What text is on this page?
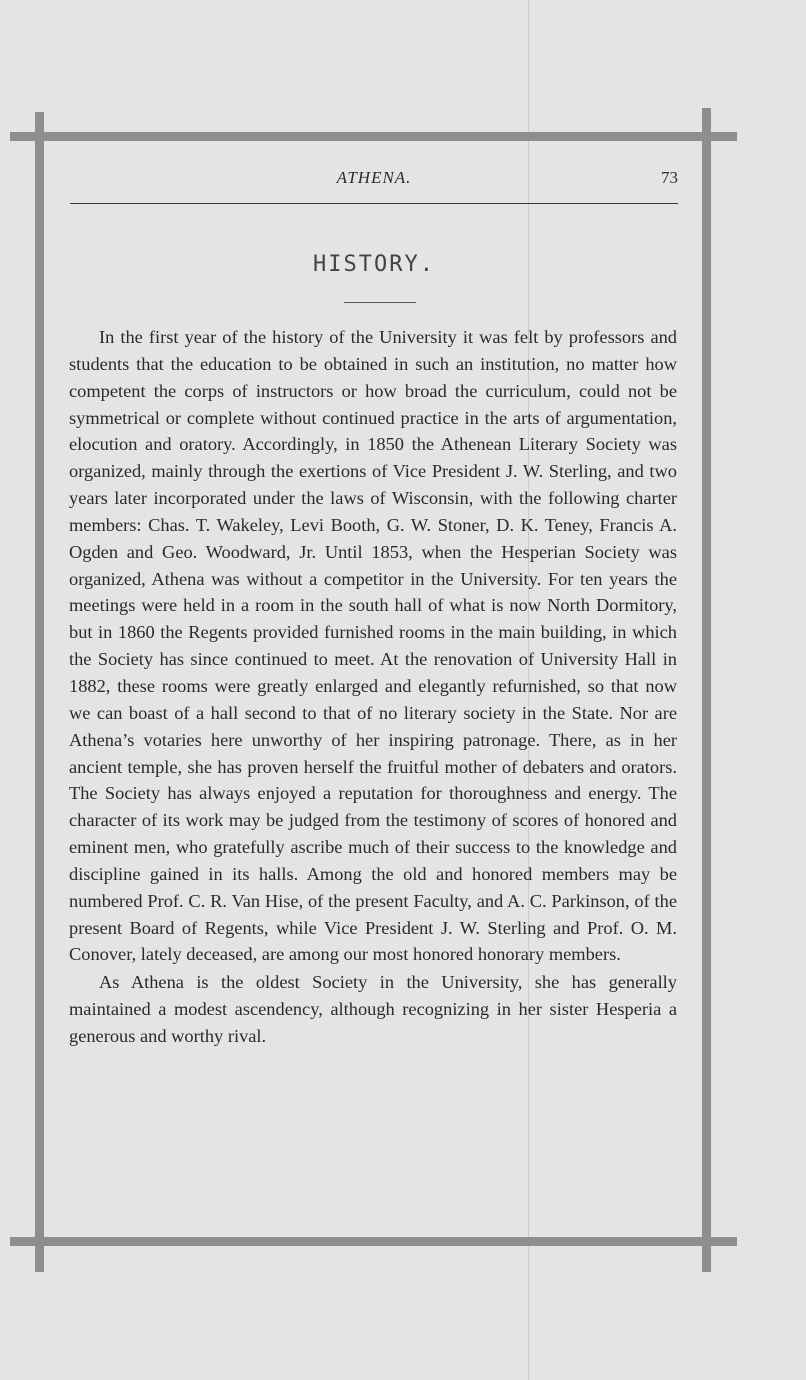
ATHENA.	73
HISTORY.

In the first year of the history of the University it was felt by professors and students that the education to be obtained in such an institution, no matter how competent the corps of instructors or how broad the curriculum, could not be symmetrical or complete without continued practice in the arts of argumentation, elocution and oratory. Accordingly, in 1850 the Athenean Literary Society was organized, mainly through the exertions of Vice President J. W. Sterling, and two years later incorporated under the laws of Wisconsin, with the following charter members: Chas. T. Wakeley, Levi Booth, G. W. Stoner, D. K. Teney, Francis A. Ogden and Geo. Woodward, Jr. Until 1853, when the Hesperian Society was organized, Athena was without a competitor in the University. For ten years the meetings were held in a room in the south hall of what is now North Dormitory, but in 1860 the Regents provided furnished rooms in the main building, in which the Society has since continued to meet. At the renovation of University Hall in 1882, these rooms were greatly enlarged and elegantly refurnished, so that now we can boast of a hall second to that of no literary society in the State. Nor are Athena’s votaries here unworthy of her inspiring patronage. There, as in her ancient temple, she has proven herself the fruitful mother of debaters and orators. The Society has always enjoyed a reputation for thoroughness and energy. The character of its work may be judged from the testimony of scores of honored and eminent men, who gratefully ascribe much of their success to the knowledge and discipline gained in its halls. Among the old and honored members may be numbered Prof. C. R. Van Hise, of the present Faculty, and A. C. Parkinson, of the present Board of Regents, while Vice President J. W. Sterling and Prof. O. M. Conover, lately deceased, are among our most honored honorary members.

As Athena is the oldest Society in the University, she has generally maintained a modest ascendency, although recognizing in her sister Hesperia a generous and worthy rival.
